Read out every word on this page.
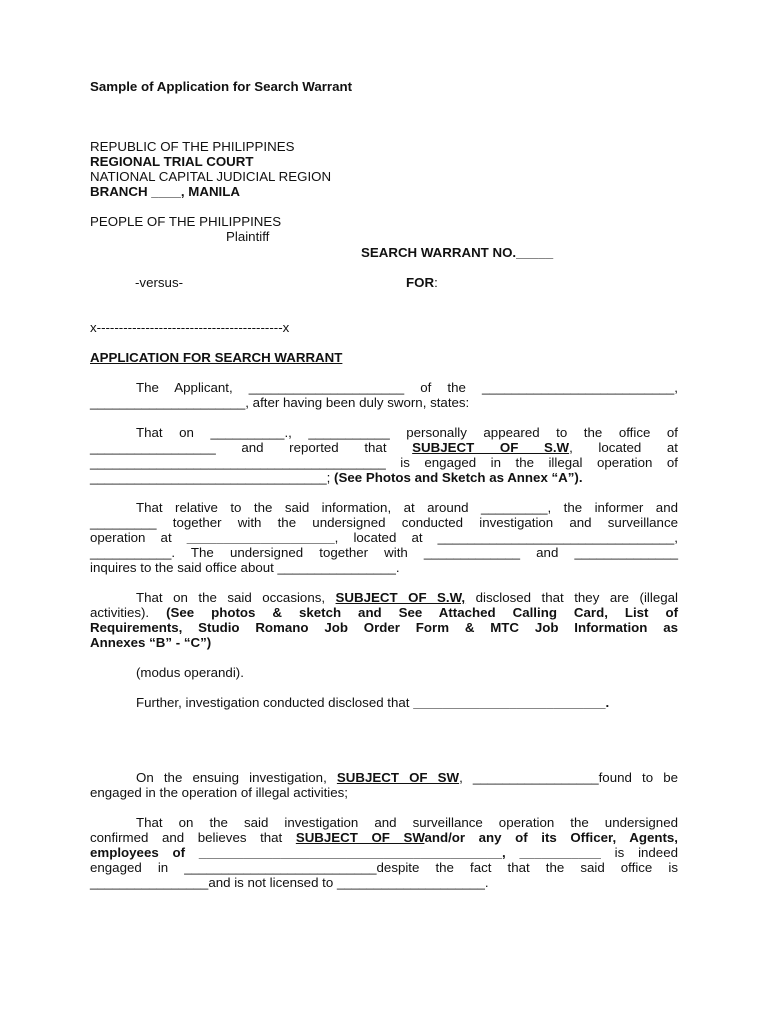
Sample of Application for Search Warrant

REPUBLIC OF THE PHILIPPINES

REGIONAL TRIAL COURT

NATIONAL CAPITAL JUDICIAL REGION

BRANCH ____, MANILA

PEOPLE OF THE PHILIPPINES

Plaintiff

SEARCH WARRANT NO._____

-versus-	FOR:

x------------------------------------------x

APPLICATION FOR SEARCH WARRANT

The Applicant, _____________________ of the __________________________,

_____________________, after having been duly sworn, states:

That on __________., ___________ personally appeared to the office of

_________________ and reported that SUBJECT OF S.W, located at

________________________________________ is engaged in the illegal operation of

________________________________; (See Photos and Sketch as Annex “A”).

That relative to the said information, at around _________, the informer and

_________ together with the undersigned conducted investigation and surveillance

operation at ____________________, located at ________________________________,

___________. The undersigned together with _____________ and ______________

inquires to the said office about ________________.

That on the said occasions, SUBJECT OF S.W, disclosed that they are (illegal

activities). (See photos & sketch and See Attached Calling Card, List of

Requirements, Studio Romano Job Order Form & MTC Job Information as

Annexes “B” - “C”)

(modus operandi).

Further, investigation conducted disclosed that __________________________.

On the ensuing investigation, SUBJECT OF SW, _________________found to be

engaged in the operation of illegal activities;

That on the said investigation and surveillance operation the undersigned

confirmed and believes that SUBJECT OF SWand/or any of its Officer, Agents,

employees of _________________________________________, ___________ is indeed

engaged in __________________________despite the fact that the said office is

________________and is not licensed to ____________________.
